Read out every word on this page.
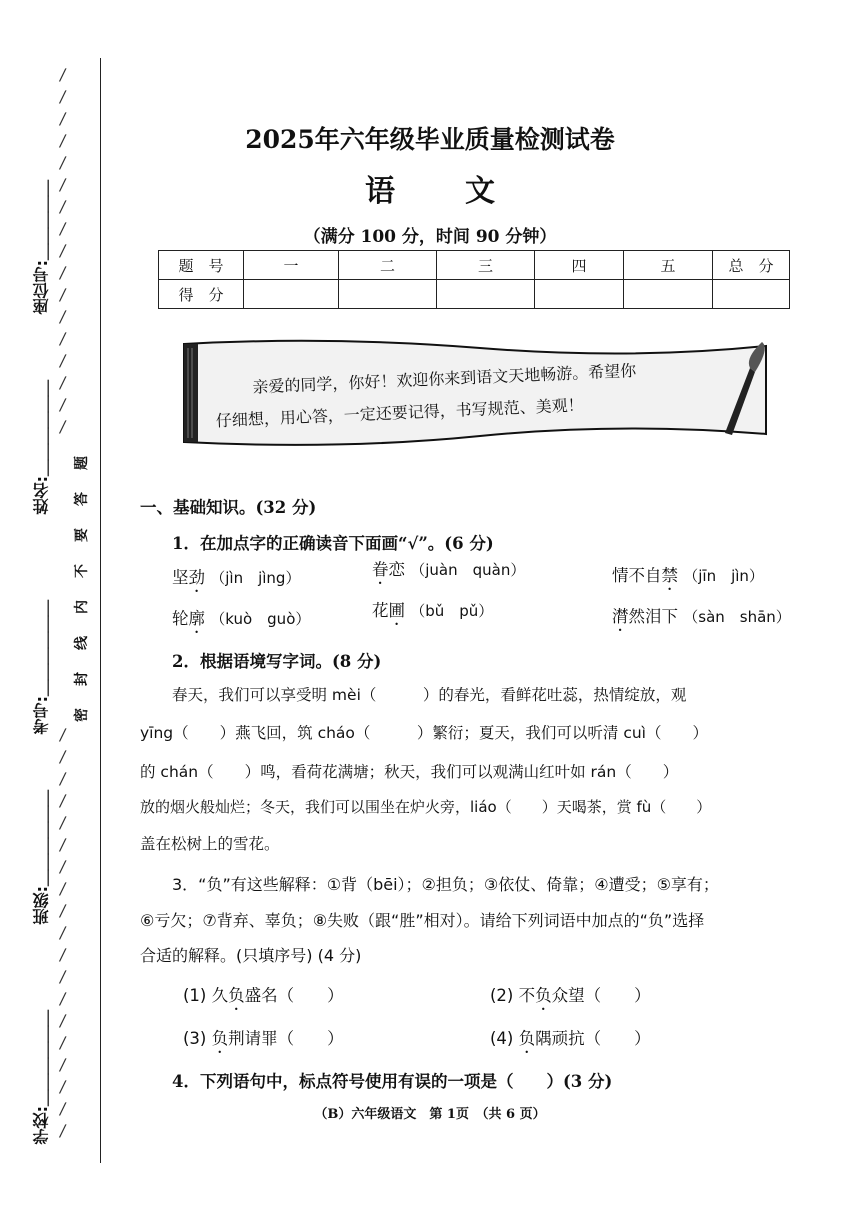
/
/
/
/
/
/
/
/
/
/
/
/
/
/
/
/
/
/
/
/
/
/
/
/
/
/
/
/
/
/
/
/
/
/
/
/
座位号:＿＿＿＿＿
姓名:＿＿＿＿＿＿
考号:＿＿＿＿＿＿
班级:＿＿＿＿＿＿
学校:＿＿＿＿＿＿
题
答
要
不
内
线
封
密
2025年六年级毕业质量检测试卷
语文
（满分 100 分，时间 90 分钟）
题　号	一	二	三	四	五	总　分
得　分						
亲爱的同学，你好！欢迎你来到语文天地畅游。希望你
仔细想，用心答，一定还要记得，书写规范、美观！
一、基础知识。(32 分)
1．在加点字的正确读音下面画“√”。(6 分)
坚劲 （jìn　jìng）	眷恋 （juàn　quàn）	情不自禁 （jīn　jìn）
轮廓 （kuò　guò）	花圃 （bǔ　pǔ）	潸然泪下 （sàn　shān）
2．根据语境写字词。(8 分)
春天，我们可以享受明 mèi（　　　）的春光，看鲜花吐蕊，热情绽放，观
yīng（　　）燕飞回，筑 cháo（　　　）繁衍；夏天，我们可以听清 cuì（　　）
的 chán（　　）鸣，看荷花满塘；秋天，我们可以观满山红叶如 rán（　　）
放的烟火般灿烂；冬天，我们可以围坐在炉火旁，liáo（　　）天喝茶，赏 fù（　　）
盖在松树上的雪花。
3．“负”有这些解释：①背（bēi）；②担负；③依仗、倚靠；④遭受；⑤享有；
⑥亏欠；⑦背弃、辜负；⑧失败（跟“胜”相对）。请给下列词语中加点的“负”选择
合适的解释。(只填序号) (4 分)
(1) 久负盛名（　　）	(2) 不负众望（　　）
(3) 负荆请罪（　　）	(4) 负隅顽抗（　　）
4．下列语句中，标点符号使用有误的一项是（　　）(3 分)
（B）六年级语文　第 1页　（共 6 页）
